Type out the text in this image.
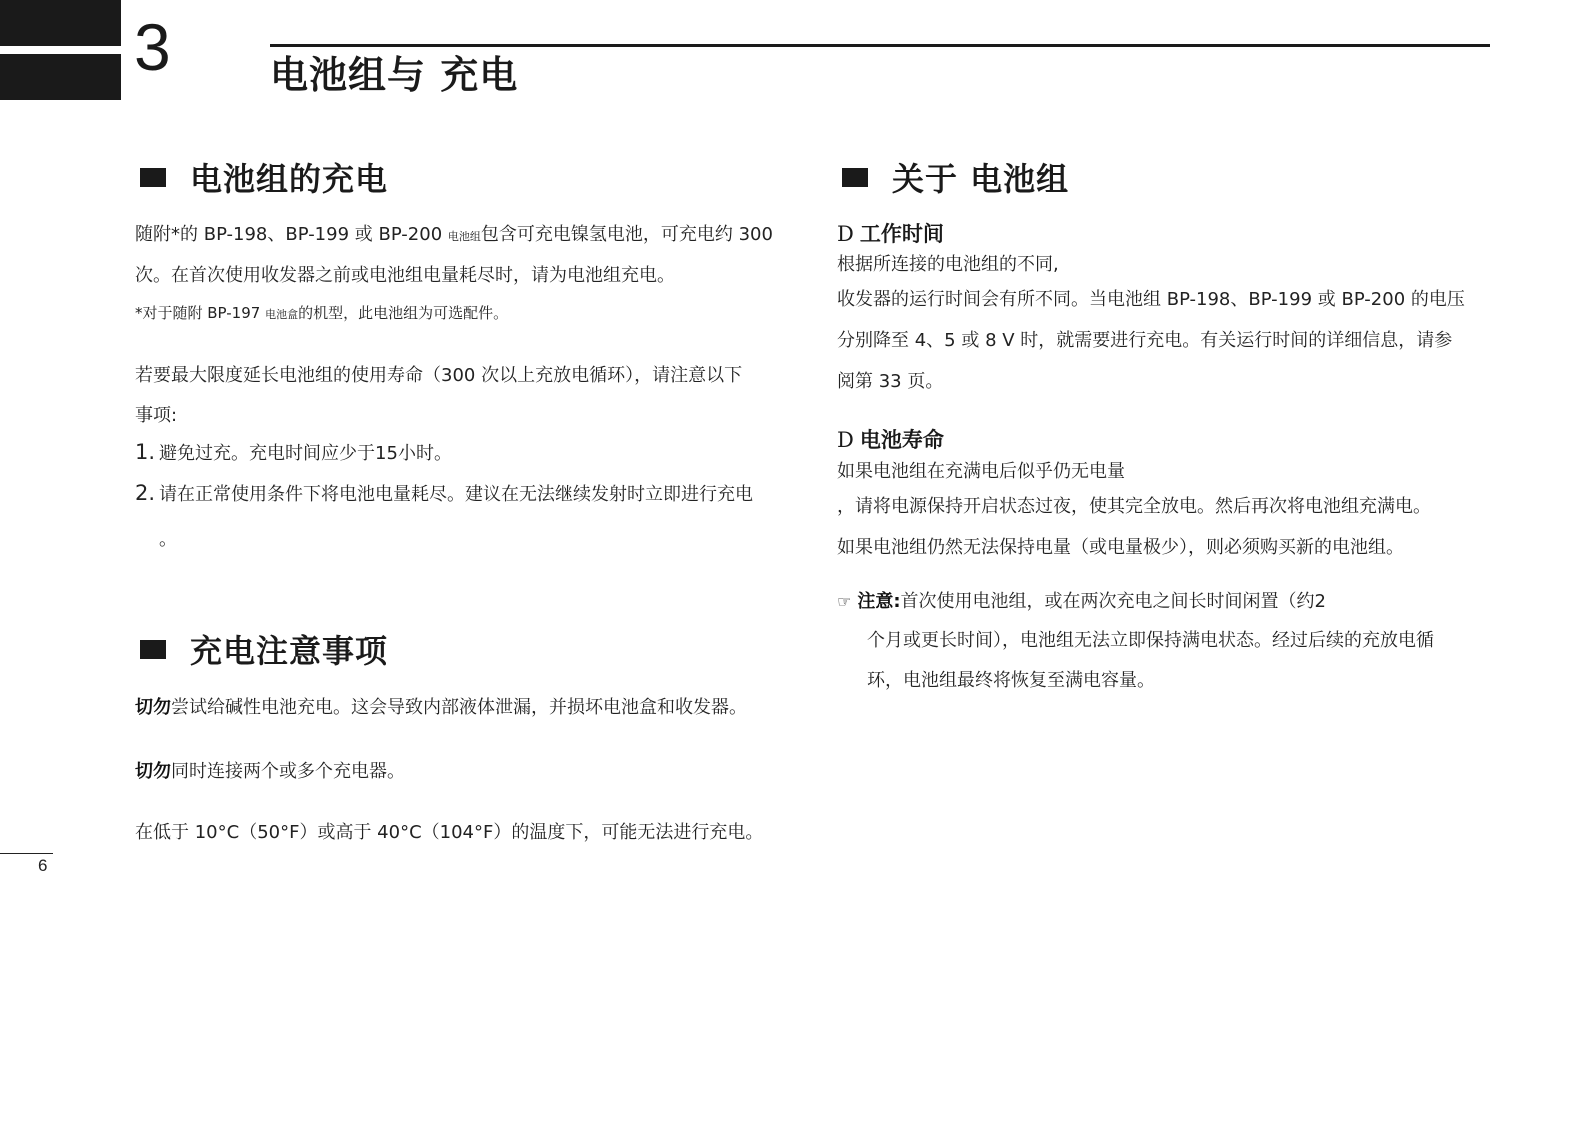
3	电池组与 充电
电池组的充电
随附*的 BP-198、BP-199 或 BP-200 电池组包含可充电镍氢电池，可充电约 300
次。在首次使用收发器之前或电池组电量耗尽时，请为电池组充电。
*对于随附 BP-197 电池盒的机型，此电池组为可选配件。
若要最大限度延长电池组的使用寿命（300 次以上充放电循环），请注意以下
事项:
1. 避免过充。充电时间应少于15小时。
2. 请在正常使用条件下将电池电量耗尽。建议在无法继续发射时立即进行充电
。
充电注意事项
切勿尝试给碱性电池充电。这会导致内部液体泄漏，并损坏电池盒和收发器。
切勿同时连接两个或多个充电器。
在低于 10°C（50°F）或高于 40°C（104°F）的温度下，可能无法进行充电。
关于 电池组
D 工作时间
根据所连接的电池组的不同,
收发器的运行时间会有所不同。当电池组 BP-198、BP-199 或 BP-200 的电压
分别降至 4、5 或 8 V 时，就需要进行充电。有关运行时间的详细信息，请参
阅第 33 页。
D 电池寿命
如果电池组在充满电后似乎仍无电量
，请将电源保持开启状态过夜，使其完全放电。然后再次将电池组充满电。
如果电池组仍然无法保持电量（或电量极少），则必须购买新的电池组。
☞ 注意:首次使用电池组，或在两次充电之间长时间闲置（约2
个月或更长时间），电池组无法立即保持满电状态。经过后续的充放电循
环，电池组最终将恢复至满电容量。
6
